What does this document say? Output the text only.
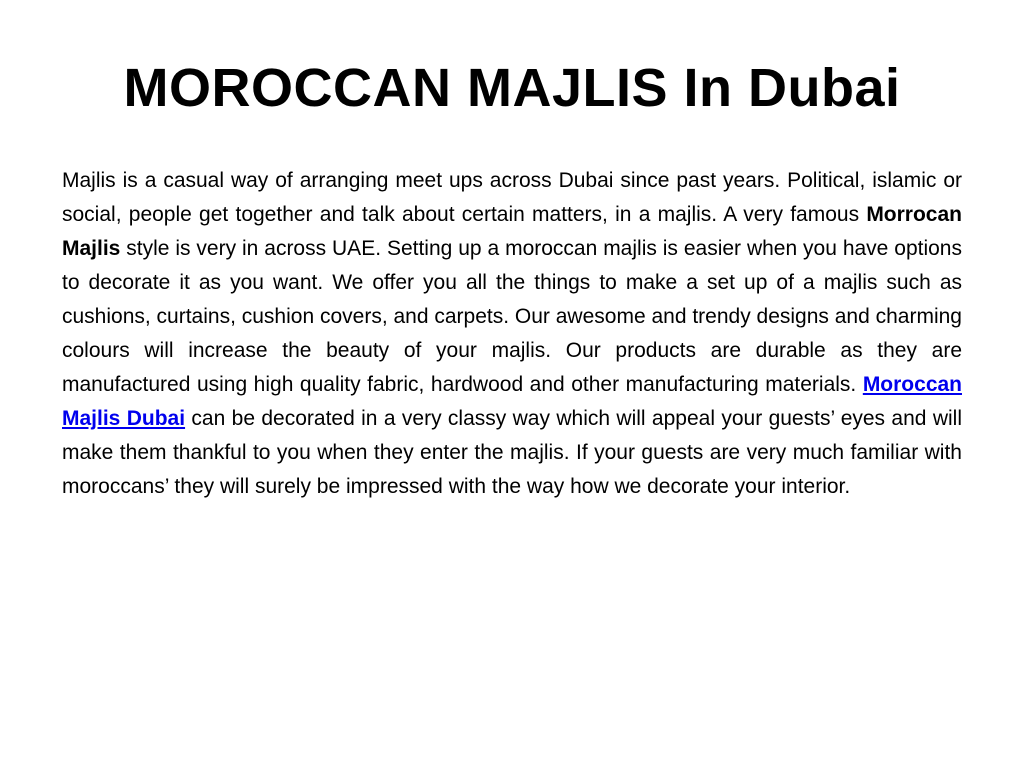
MOROCCAN MAJLIS In Dubai

Majlis is a casual way of arranging meet ups across Dubai since past years. Political, islamic or social, people get together and talk about certain matters, in a majlis. A very famous Morrocan Majlis style is very in across UAE. Setting up a moroccan majlis is easier when you have options to decorate it as you want. We offer you all the things to make a set up of a majlis such as cushions, curtains, cushion covers, and carpets. Our awesome and trendy designs and charming colours will increase the beauty of your majlis. Our products are durable as they are manufactured using high quality fabric, hardwood and other manufacturing materials. Moroccan Majlis Dubai can be decorated in a very classy way which will appeal your guests’ eyes and will make them thankful to you when they enter the majlis. If your guests are very much familiar with moroccans’ they will surely be impressed with the way how we decorate your interior.
